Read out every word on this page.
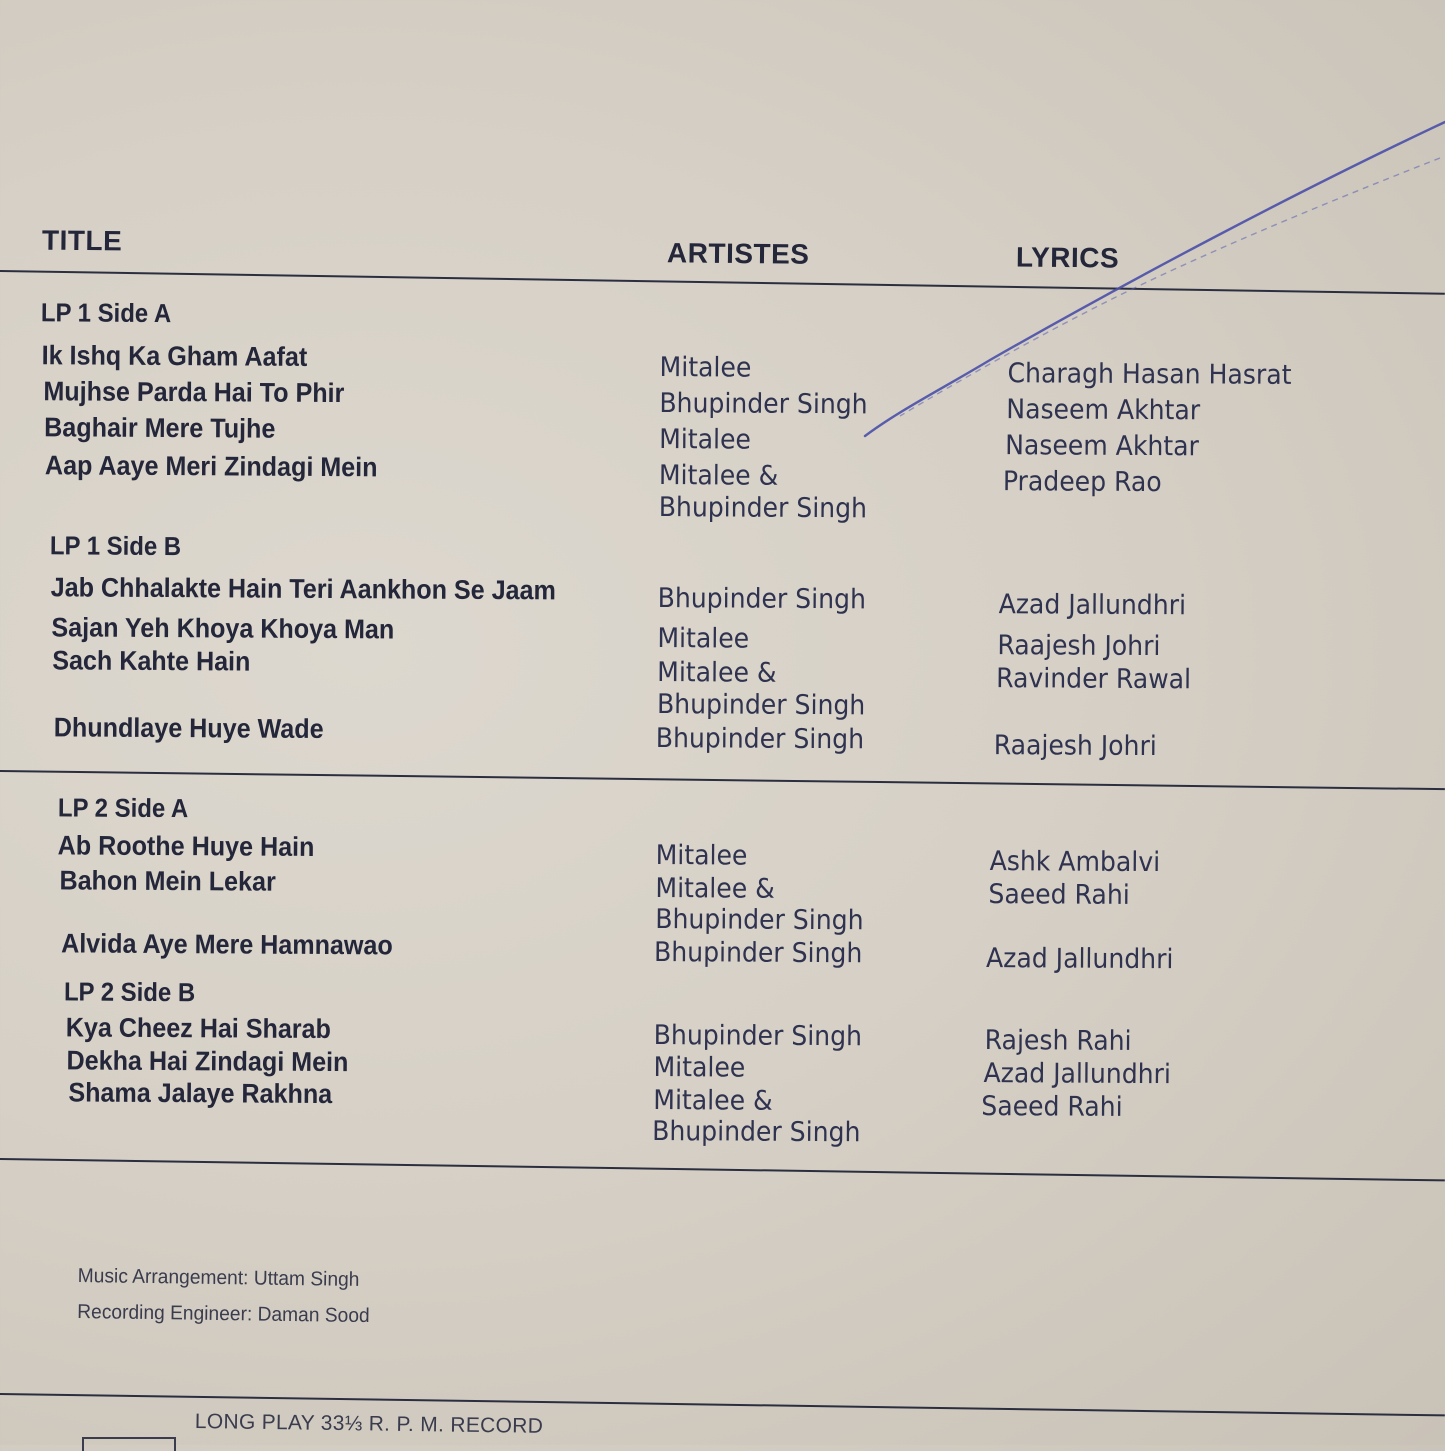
TITLE	ARTISTES	LYRICS
LP 1 Side A
Ik Ishq Ka Gham Aafat
Mujhse Parda Hai To Phir
Baghair Mere Tujhe
Aap Aaye Meri Zindagi Mein
Mitalee
Bhupinder Singh
Mitalee
Mitalee &
Bhupinder Singh
Charagh Hasan Hasrat
Naseem Akhtar
Naseem Akhtar
Pradeep Rao
LP 1 Side B
Jab Chhalakte Hain Teri Aankhon Se Jaam
Sajan Yeh Khoya Khoya Man
Sach Kahte Hain
Dhundlaye Huye Wade
Bhupinder Singh
Mitalee
Mitalee &
Bhupinder Singh
Bhupinder Singh
Azad Jallundhri
Raajesh Johri
Ravinder Rawal
Raajesh Johri
LP 2 Side A
Ab Roothe Huye Hain
Bahon Mein Lekar
Alvida Aye Mere Hamnawao
Mitalee
Mitalee &
Bhupinder Singh
Bhupinder Singh
Ashk Ambalvi
Saeed Rahi
Azad Jallundhri
LP 2 Side B
Kya Cheez Hai Sharab
Dekha Hai Zindagi Mein
Shama Jalaye Rakhna
Bhupinder Singh
Mitalee
Mitalee &
Bhupinder Singh
Rajesh Rahi
Azad Jallundhri
Saeed Rahi
Music Arrangement: Uttam Singh
Recording Engineer: Daman Sood
LONG PLAY 33⅓ R. P. M. RECORD
